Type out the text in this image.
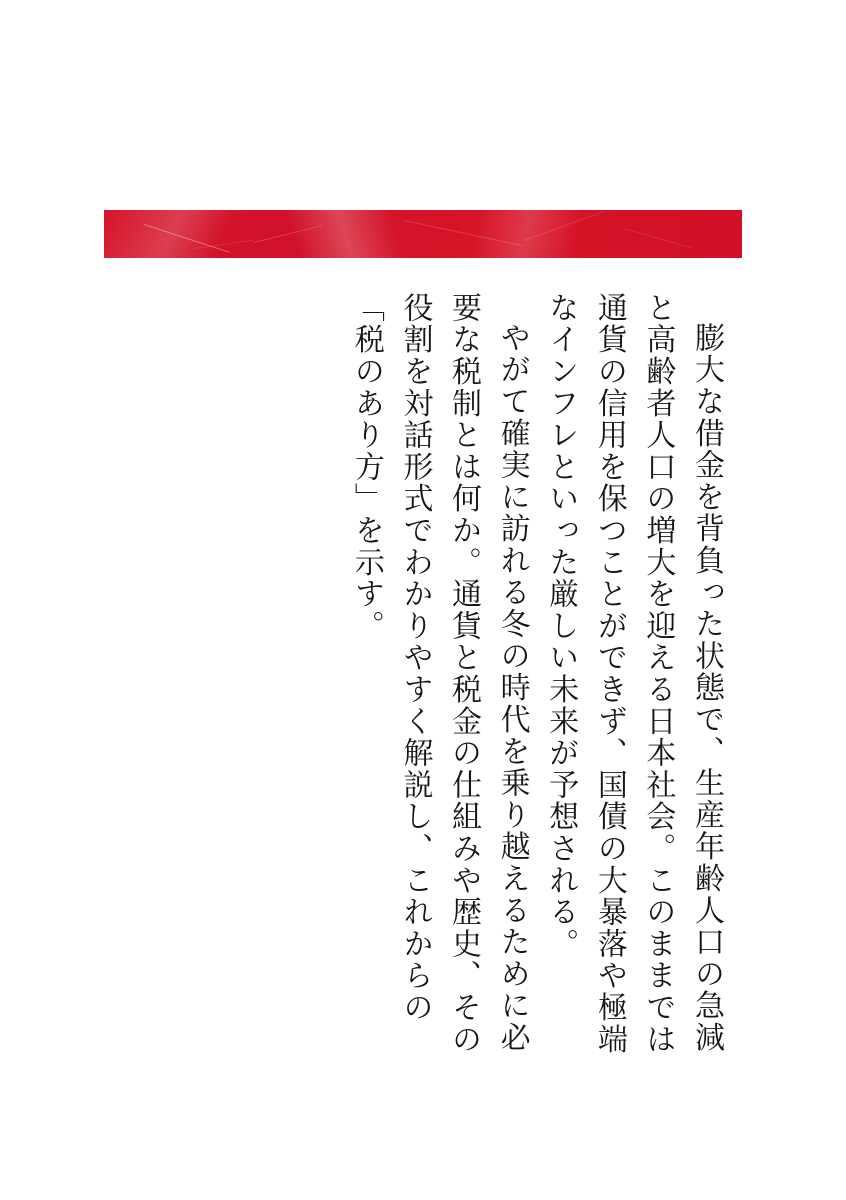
膨大な借金を背負った状態で、生産年齢人口の急減と高齢者人口の増大を迎える日本社会。このままでは通貨の信用を保つことができず、国債の大暴落や極端なインフレといった厳しい未来が予想される。

やがて確実に訪れる冬の時代を乗り越えるために必要な税制とは何か。通貨と税金の仕組みや歴史、その役割を対話形式でわかりやすく解説し、これからの「税のあり方」を示す。
